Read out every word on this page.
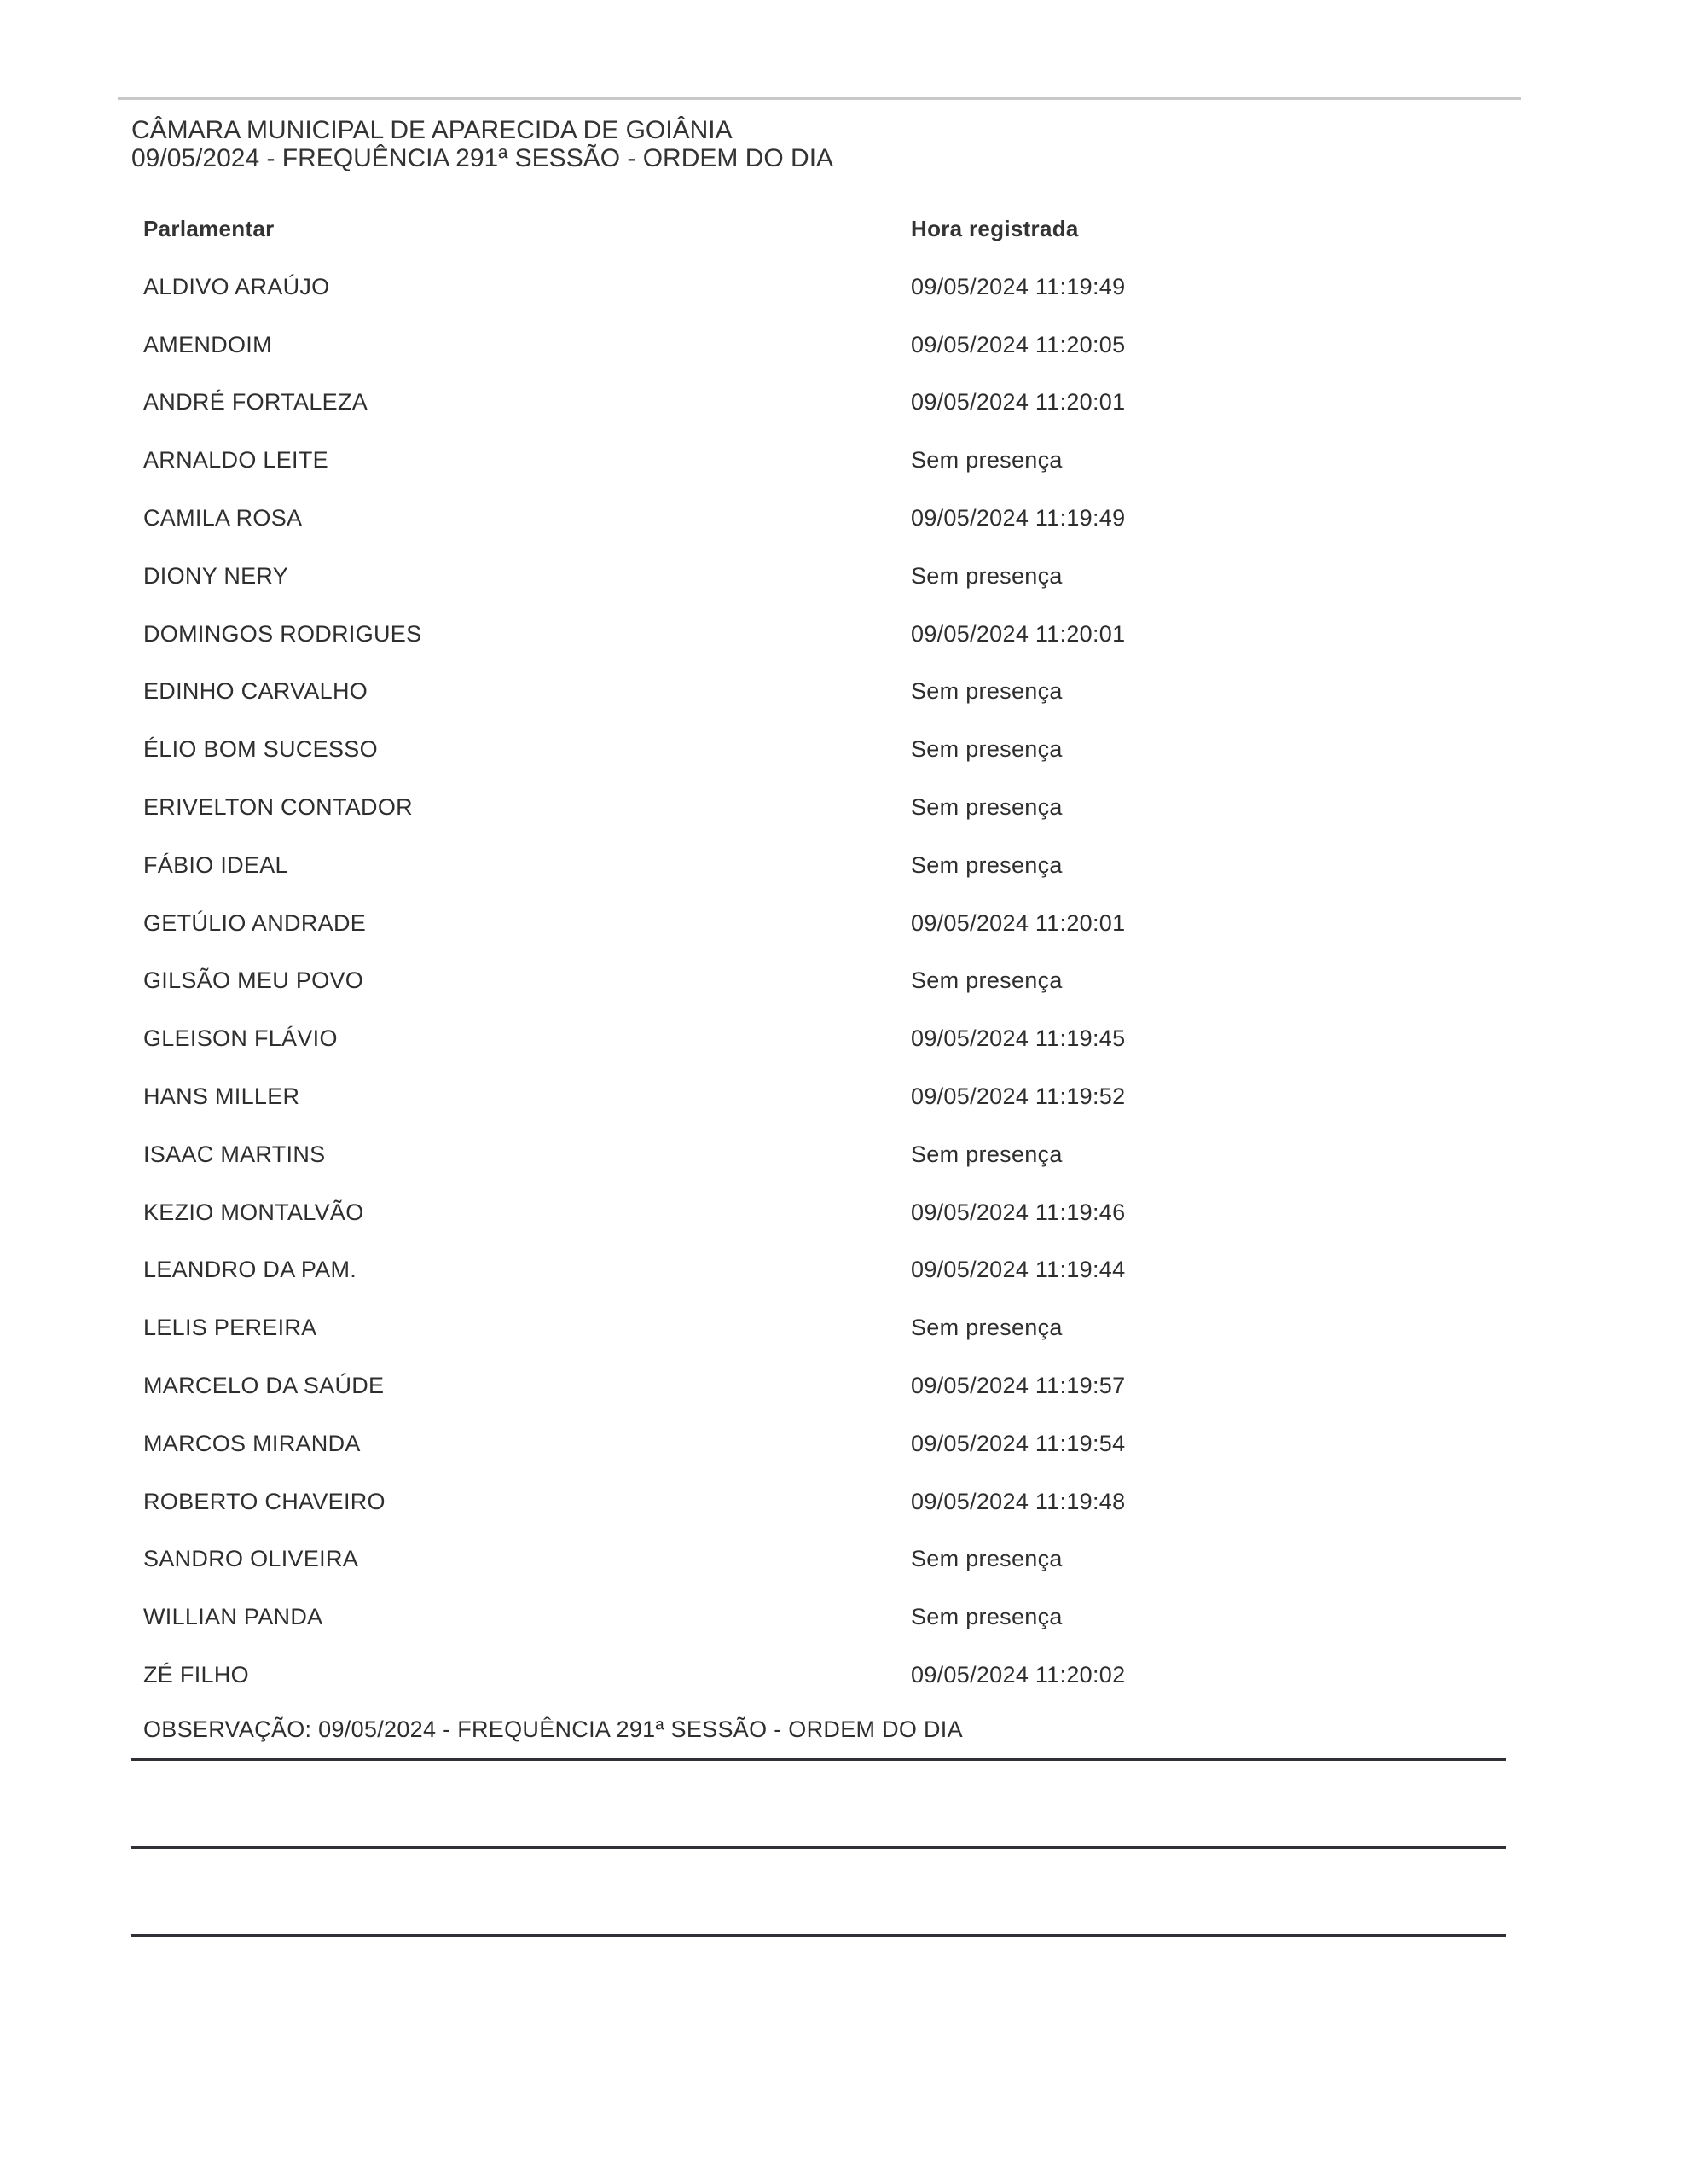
CÂMARA MUNICIPAL DE APARECIDA DE GOIÂNIA
09/05/2024 - FREQUÊNCIA 291ª SESSÃO - ORDEM DO DIA
Parlamentar	Hora registrada
ALDIVO ARAÚJO	09/05/2024 11:19:49
AMENDOIM	09/05/2024 11:20:05
ANDRÉ FORTALEZA	09/05/2024 11:20:01
ARNALDO LEITE	Sem presença
CAMILA ROSA	09/05/2024 11:19:49
DIONY NERY	Sem presença
DOMINGOS RODRIGUES	09/05/2024 11:20:01
EDINHO CARVALHO	Sem presença
ÉLIO BOM SUCESSO	Sem presença
ERIVELTON CONTADOR	Sem presença
FÁBIO IDEAL	Sem presença
GETÚLIO ANDRADE	09/05/2024 11:20:01
GILSÃO MEU POVO	Sem presença
GLEISON FLÁVIO	09/05/2024 11:19:45
HANS MILLER	09/05/2024 11:19:52
ISAAC MARTINS	Sem presença
KEZIO MONTALVÃO	09/05/2024 11:19:46
LEANDRO DA PAM.	09/05/2024 11:19:44
LELIS PEREIRA	Sem presença
MARCELO DA SAÚDE	09/05/2024 11:19:57
MARCOS MIRANDA	09/05/2024 11:19:54
ROBERTO CHAVEIRO	09/05/2024 11:19:48
SANDRO OLIVEIRA	Sem presença
WILLIAN PANDA	Sem presença
ZÉ FILHO	09/05/2024 11:20:02
OBSERVAÇÃO: 09/05/2024 - FREQUÊNCIA 291ª SESSÃO - ORDEM DO DIA
